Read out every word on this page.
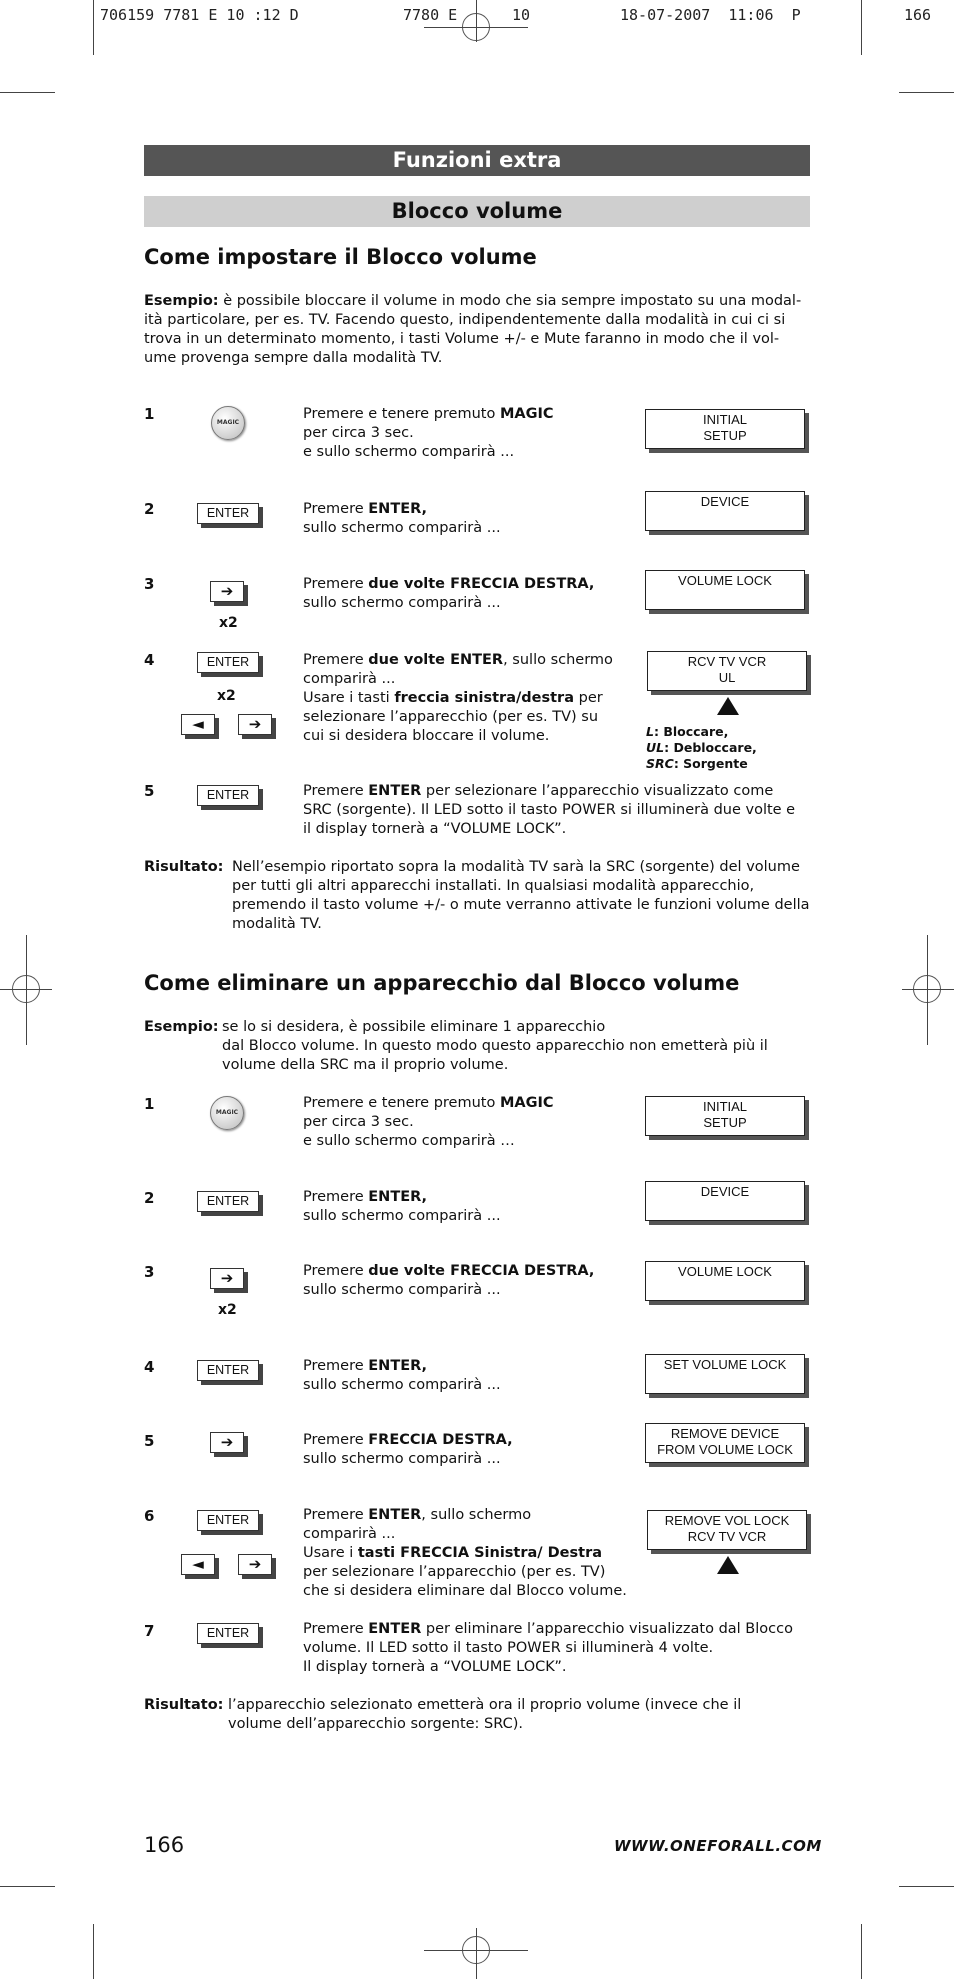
706159 7781 E 10 :12 D	7780 E	10	18-07-2007  11:06  P	166
Funzioni extra
Blocco volume
Come impostare il Blocco volume
Esempio: è possibile bloccare il volume in modo che sia sempre impostato su una modal-
ità particolare, per es. TV. Facendo questo, indipendentemente dalla modalità in cui ci si
trova in un determinato momento, i tasti Volume +/- e Mute faranno in modo che il vol-
ume provenga sempre dalla modalità TV.
1	MAGIC
Premere e tenere premuto MAGIC
per circa 3 sec.
e sullo schermo comparirà ...
INITIAL
SETUP
2	ENTER	Premere ENTER,
sullo schermo comparirà ...
DEVICE
3	➔
x2
Premere due volte FRECCIA DESTRA,
sullo schermo comparirà ...
VOLUME LOCK
4	ENTER
x2
◄	➔
Premere due volte ENTER, sullo schermo
comparirà ...
Usare i tasti freccia sinistra/destra per
selezionare l’apparecchio (per es. TV) su
cui si desidera bloccare il volume.
RCV TV VCR
UL
L: Bloccare,
UL: Debloccare,
SRC: Sorgente
5	ENTER	Premere ENTER per selezionare l’apparecchio visualizzato come
SRC (sorgente). Il LED sotto il tasto POWER si illuminerà due volte e
il display tornerà a “VOLUME LOCK”.
Risultato: Nell’esempio riportato sopra la modalità TV sarà la SRC (sorgente) del volume
per tutti gli altri apparecchi installati. In qualsiasi modalità apparecchio,
premendo il tasto volume +/- o mute verranno attivate le funzioni volume della
modalità TV.
Come eliminare un apparecchio dal Blocco volume
Esempio: se lo si desidera, è possibile eliminare 1 apparecchio
dal Blocco volume. In questo modo questo apparecchio non emetterà più il
volume della SRC ma il proprio volume.
1	MAGIC
Premere e tenere premuto MAGIC
per circa 3 sec.
e sullo schermo comparirà …
INITIAL
SETUP
2	ENTER	Premere ENTER,
sullo schermo comparirà ...
DEVICE
3	➔
x2
Premere due volte FRECCIA DESTRA,
sullo schermo comparirà ...
VOLUME LOCK
4	ENTER	Premere ENTER,
sullo schermo comparirà ...
SET VOLUME LOCK
5	➔	Premere FRECCIA DESTRA,
sullo schermo comparirà ...
REMOVE DEVICE
FROM VOLUME LOCK
6	ENTER
◄	➔
Premere ENTER, sullo schermo
comparirà ...
Usare i tasti FRECCIA Sinistra/ Destra
per selezionare l’apparecchio (per es. TV)
che si desidera eliminare dal Blocco volume.
REMOVE VOL LOCK
RCV TV VCR
7	ENTER	Premere ENTER per eliminare l’apparecchio visualizzato dal Blocco
volume. Il LED sotto il tasto POWER si illuminerà 4 volte.
Il display tornerà a “VOLUME LOCK”.
Risultato: l’apparecchio selezionato emetterà ora il proprio volume (invece che il
volume dell’apparecchio sorgente: SRC).
166	WWW.ONEFORALL.COM
